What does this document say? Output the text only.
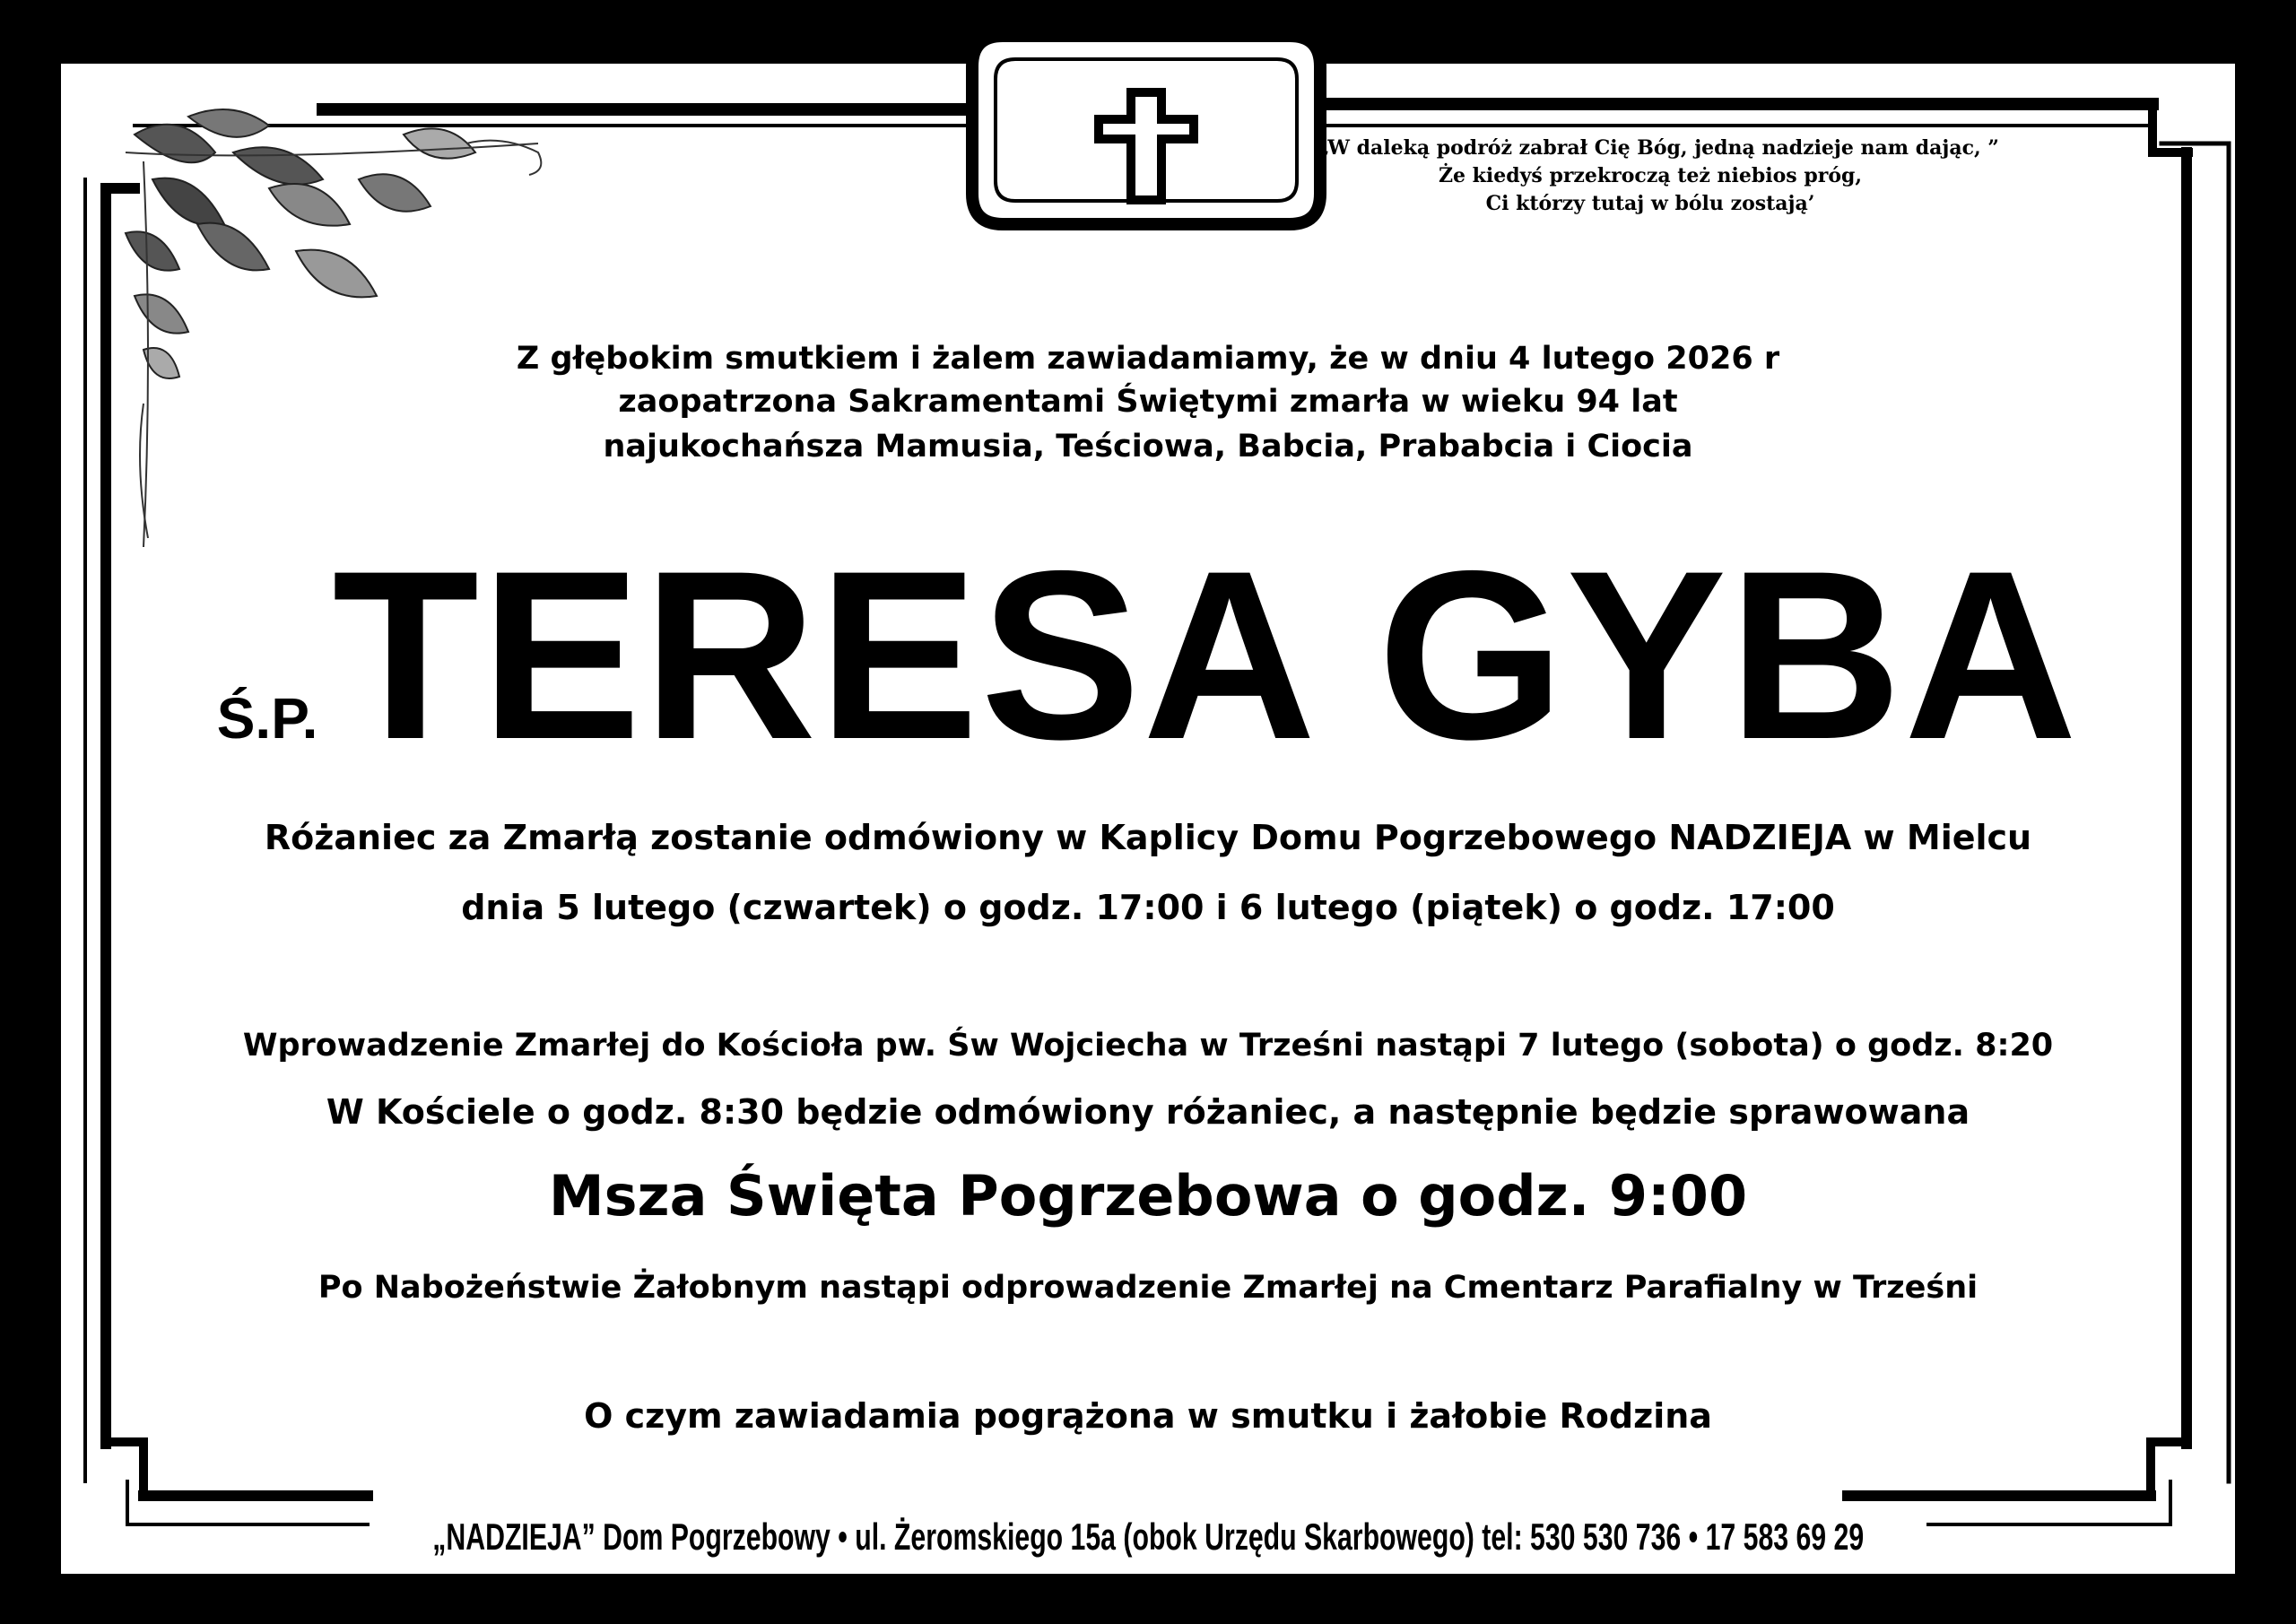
„W daleką podróż zabrał Cię Bóg, jedną nadzieje nam dając, ”
Że kiedyś przekroczą też niebios próg,
Ci którzy tutaj w bólu zostają’
Z głębokim smutkiem i żalem zawiadamiamy, że w dniu 4 lutego 2026 r
zaopatrzona Sakramentami Świętymi zmarła w wieku 94 lat
najukochańsza Mamusia, Teściowa, Babcia, Prababcia i Ciocia
Ś.P.TERESA GYBA
Różaniec za Zmarłą zostanie odmówiony w Kaplicy Domu Pogrzebowego NADZIEJA w Mielcu
dnia 5 lutego (czwartek) o godz. 17:00 i 6 lutego (piątek) o godz. 17:00
Wprowadzenie Zmarłej do Kościoła pw. Św Wojciecha w Trześni nastąpi 7 lutego (sobota) o godz. 8:20
W Kościele o godz. 8:30 będzie odmówiony różaniec, a następnie będzie sprawowana
Msza Święta Pogrzebowa o godz. 9:00
Po Nabożeństwie Żałobnym nastąpi odprowadzenie Zmarłej na Cmentarz Parafialny w Trześni
O czym zawiadamia pogrążona w smutku i żałobie Rodzina
„NADZIEJA” Dom Pogrzebowy • ul. Żeromskiego 15a (obok Urzędu Skarbowego) tel: 530 530 736 • 17 583 69 29
